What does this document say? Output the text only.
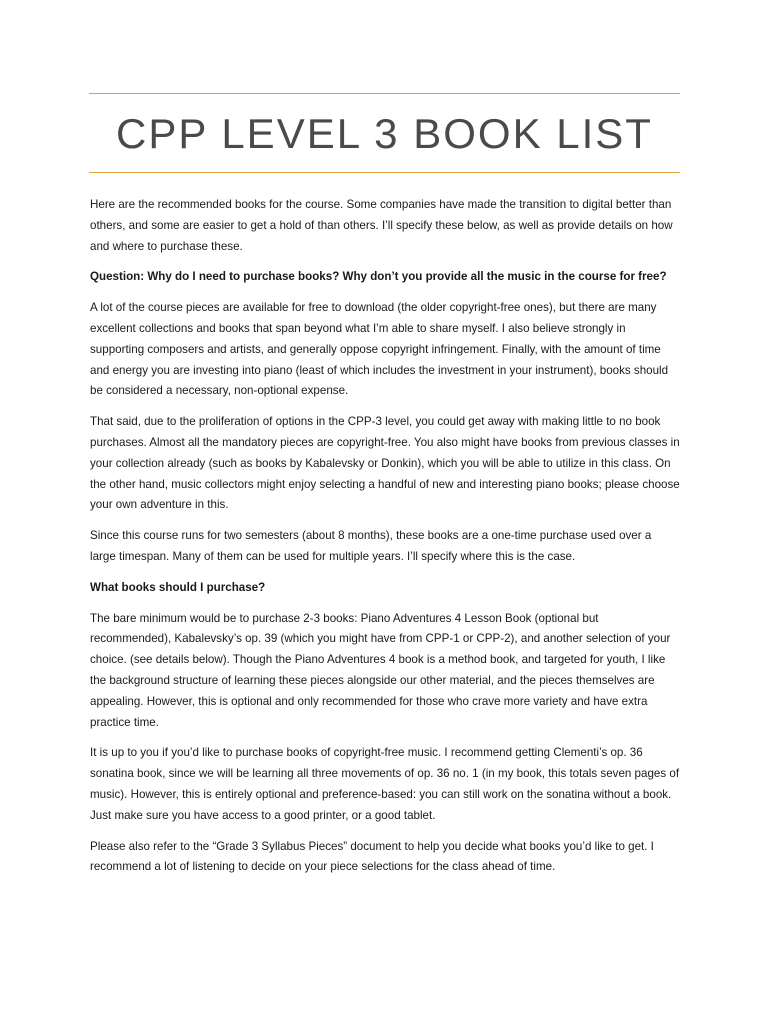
CPP LEVEL 3 BOOK LIST

Here are the recommended books for the course. Some companies have made the transition to digital better than others, and some are easier to get a hold of than others. I’ll specify these below, as well as provide details on how and where to purchase these.

Question: Why do I need to purchase books? Why don’t you provide all the music in the course for free?

A lot of the course pieces are available for free to download (the older copyright-free ones), but there are many excellent collections and books that span beyond what I’m able to share myself. I also believe strongly in supporting composers and artists, and generally oppose copyright infringement. Finally, with the amount of time and energy you are investing into piano (least of which includes the investment in your instrument), books should be considered a necessary, non-optional expense.

That said, due to the proliferation of options in the CPP-3 level, you could get away with making little to no book purchases. Almost all the mandatory pieces are copyright-free. You also might have books from previous classes in your collection already (such as books by Kabalevsky or Donkin), which you will be able to utilize in this class. On the other hand, music collectors might enjoy selecting a handful of new and interesting piano books; please choose your own adventure in this.

Since this course runs for two semesters (about 8 months), these books are a one-time purchase used over a large timespan. Many of them can be used for multiple years. I’ll specify where this is the case.

What books should I purchase?

The bare minimum would be to purchase 2-3 books: Piano Adventures 4 Lesson Book (optional but recommended), Kabalevsky’s op. 39 (which you might have from CPP-1 or CPP-2), and another selection of your choice. (see details below). Though the Piano Adventures 4 book is a method book, and targeted for youth, I like the background structure of learning these pieces alongside our other material, and the pieces themselves are appealing. However, this is optional and only recommended for those who crave more variety and have extra practice time.

It is up to you if you’d like to purchase books of copyright-free music. I recommend getting Clementi’s op. 36 sonatina book, since we will be learning all three movements of op. 36 no. 1 (in my book, this totals seven pages of music). However, this is entirely optional and preference-based: you can still work on the sonatina without a book. Just make sure you have access to a good printer, or a good tablet.

Please also refer to the “Grade 3 Syllabus Pieces” document to help you decide what books you’d like to get. I recommend a lot of listening to decide on your piece selections for the class ahead of time.
